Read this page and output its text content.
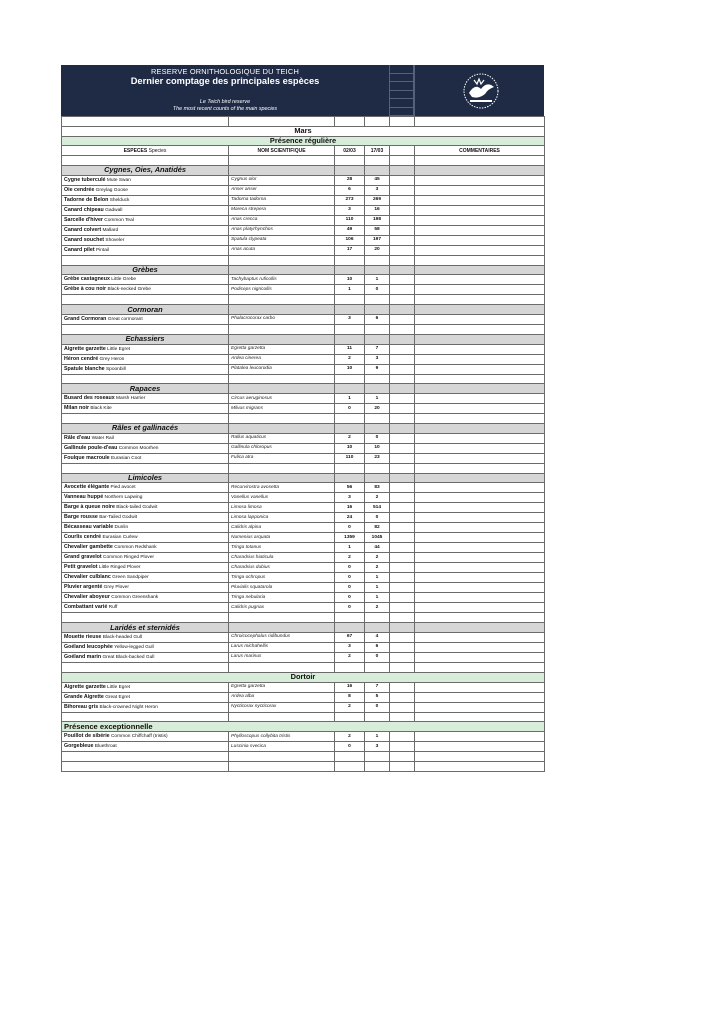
RESERVE ORNITHOLOGIQUE DU TEICH
Dernier comptage des principales espèces
Le Teich bird reserve
The most recent counts of the main species

Mars					
Présence régulière					
ESPECES Species	NOM SCIENTIFIQUE	02/03	17/03		COMMENTAIRES

Cygnes, Oies, Anatidés					
Cygne tuberculé Mute Swan	Cygnus olor	28	45		
Oie cendrée Greylag Goose	Anser anser	6	3		
Tadorne de Belon Shelduck	Tadorna tadorna	273	269		
Canard chipeau Gadwall	Mareca strepera	3	16		
Sarcelle d'hiver Common Teal	Anas crecca	110	198		
Canard colvert Mallard	Anas platyrhynchos	49	58		
Canard souchet Shoveler	Spatula clypeata	106	197		
Canard pilet Pintail	Anas acuta	17	20		

Grèbes					
Grèbe castagneux Little Grebe	Tachybaptus ruficollis	10	1		
Grèbe à cou noir Black-necked Grebe	Podiceps nigricollis	1	0		

Cormoran					
Grand Cormoran Great cormorant	Phalacrocorax carbo	3	6		

Echassiers					
Aigrette garzette Little Egret	Egretta garzetta	11	7		
Héron cendré Grey Heron	Ardea cinerea	2	3		
Spatule blanche Spoonbill	Platalea leucorodia	10	9		

Rapaces					
Busard des roseaux Marsh Harrier	Circus aeruginosus	1	1		
Milan noir Black Kite	Milvus migrans	0	20		

Râles et gallinacés					
Râle d'eau Water Rail	Rallus aquaticus	2	0		
Gallinule poule-d'eau Common Moorhen	Gallinula chloropus	10	10		
Foulque macroule Eurasian Coot	Fulica atra	110	23		

Limicoles					
Avocette élégante Pied avocet	Recurvirostra avosetta	56	83		
Vanneau huppé Northern Lapwing	Vanellus vanellus	3	2		
Barge à queue noire Black-tailed Godwit	Limosa limosa	16	514		
Barge rousse Bar-Tailed Godwit	Limosa lapponica	24	0		
Bécasseau variable Dunlin	Calidris alpina	0	82		
Courlis cendré Eurasian Curlew	Numenius arquata	1359	1045		
Chevalier gambette Common Redshank	Tringa totanus	1	44		
Grand gravelot Common Ringed Plover	Charadrius hiaticula	2	2		
Petit gravelot Little Ringed Plover	Charadrius dubius	0	2		
Chevalier culblanc Green Sandpiper	Tringa ochropus	0	1		
Pluvier argenté Grey Plover	Pluvialis squatarola	0	1		
Chevalier aboyeur Common Greenshank	Tringa nebularia	0	1		
Combattant varié Ruff	Calidris pugnax	0	2		

Laridés et sternidés					
Mouette rieuse Black-headed Gull	Chroicocephalus ridibundus	67	4		
Goéland leucophée Yellow-legged Gull	Larus michahellis	3	6		
Goéland marin Great Black-backed Gull	Larus marinus	2	0		

Dortoir					
Aigrette garzette Little Egret	Egretta garzetta	16	7		
Grande Aigrette Great Egret	Ardea alba	8	5		
Bihoreau gris Black-crowned Night Heron	Nycticorax nycticorax	2	0		

Présence exceptionnelle					
Pouillot de sibérie Common Chiffchaff (tristis)	Phylloscopus collybita tristis	2	1		
Gorgebleue Bluethroat	Luscinia svecica	0	3		
